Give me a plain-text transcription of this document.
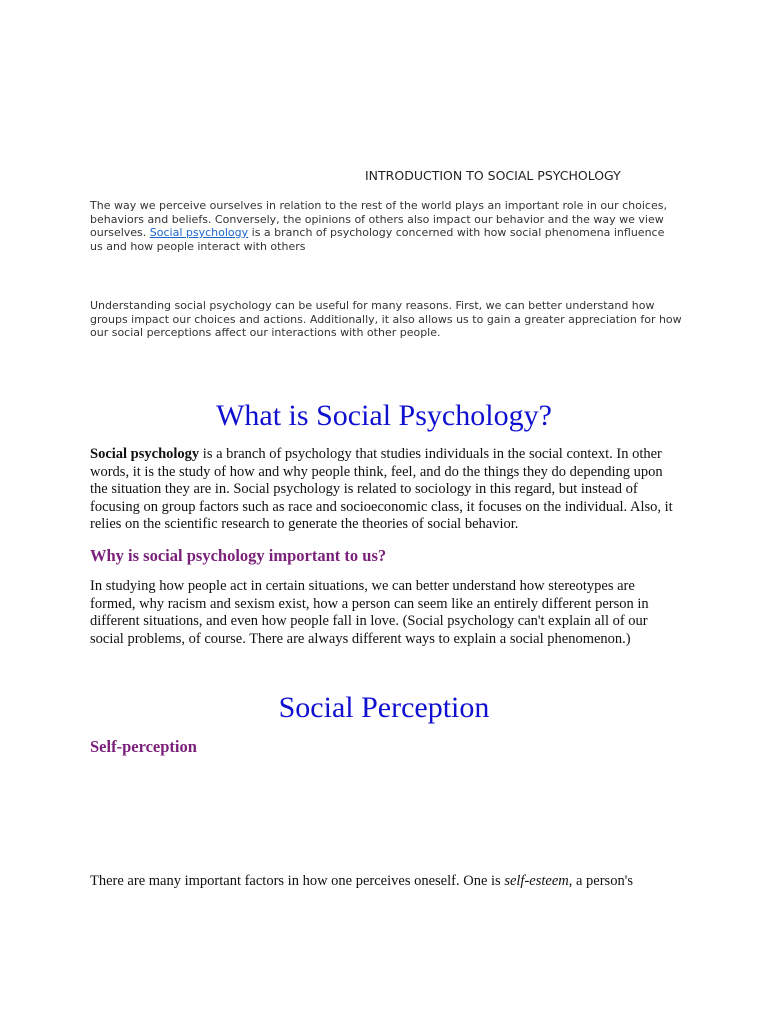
INTRODUCTION TO SOCIAL PSYCHOLOGY

The way we perceive ourselves in relation to the rest of the world plays an important role in our choices, behaviors and beliefs. Conversely, the opinions of others also impact our behavior and the way we view ourselves. Social psychology is a branch of psychology concerned with how social phenomena influence us and how people interact with others

Understanding social psychology can be useful for many reasons. First, we can better understand how groups impact our choices and actions. Additionally, it also allows us to gain a greater appreciation for how our social perceptions affect our interactions with other people.

What is Social Psychology?

Social psychology is a branch of psychology that studies individuals in the social context. In other words, it is the study of how and why people think, feel, and do the things they do depending upon the situation they are in. Social psychology is related to sociology in this regard, but instead of focusing on group factors such as race and socioeconomic class, it focuses on the individual. Also, it relies on the scientific research to generate the theories of social behavior.

Why is social psychology important to us?

In studying how people act in certain situations, we can better understand how stereotypes are formed, why racism and sexism exist, how a person can seem like an entirely different person in different situations, and even how people fall in love. (Social psychology can't explain all of our social problems, of course. There are always different ways to explain a social phenomenon.)

Social Perception
Self-perception

There are many important factors in how one perceives oneself. One is self-esteem, a person's
